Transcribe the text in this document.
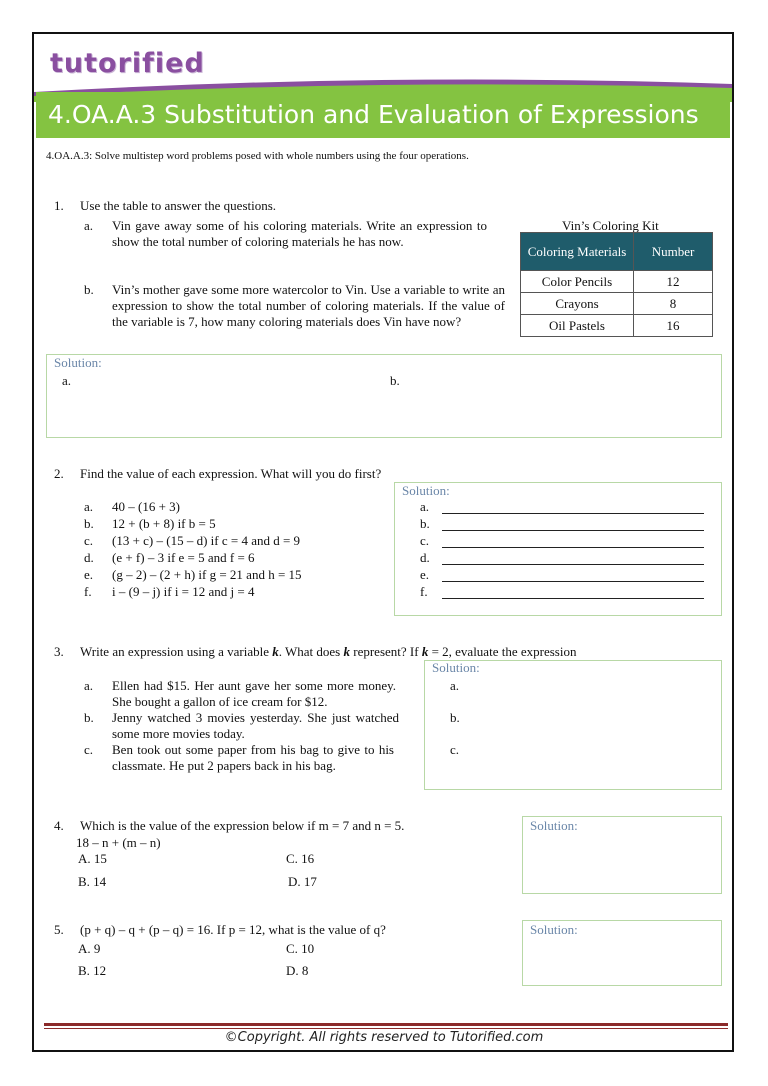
tutorified
4.OA.A.3 Substitution and Evaluation of Expressions
4.OA.A.3: Solve multistep word problems posed with whole numbers using the four operations.
1. Use the table to answer the questions.
a. Vin gave away some of his coloring materials. Write an expression to show the total number of coloring materials he has now.
b. Vin’s mother gave some more watercolor to Vin. Use a variable to write an expression to show the total number of coloring materials. If the value of the variable is 7, how many coloring materials does Vin have now?
Vin’s Coloring Kit
Coloring Materials	Number
Color Pencils	12
Crayons	8
Oil Pastels	16
Solution:
a.	b.
2. Find the value of each expression. What will you do first?
a. 40 – (16 + 3)
b. 12 + (b + 8) if b = 5
c. (13 + c) – (15 – d) if c = 4 and d = 9
d. (e + f) – 3 if e = 5 and f = 6
e. (g – 2) – (2 + h) if g = 21 and h = 15
f. i – (9 – j) if i = 12 and j = 4
Solution:
a.
b.
c.
d.
e.
f.
3. Write an expression using a variable k. What does k represent? If k = 2, evaluate the expression
a. Ellen had $15. Her aunt gave her some more money. She bought a gallon of ice cream for $12.
b. Jenny watched 3 movies yesterday. She just watched some more movies today.
c. Ben took out some paper from his bag to give to his classmate. He put 2 papers back in his bag.
Solution:
a.
b.
c.
4. Which is the value of the expression below if m = 7 and n = 5.
18 – n + (m – n)
A. 15	C. 16
B. 14	D. 17
Solution:
5. (p + q) – q + (p – q) = 16. If p = 12, what is the value of q?
A. 9	C. 10
B. 12	D. 8
Solution:
©Copyright. All rights reserved to Tutorified.com
